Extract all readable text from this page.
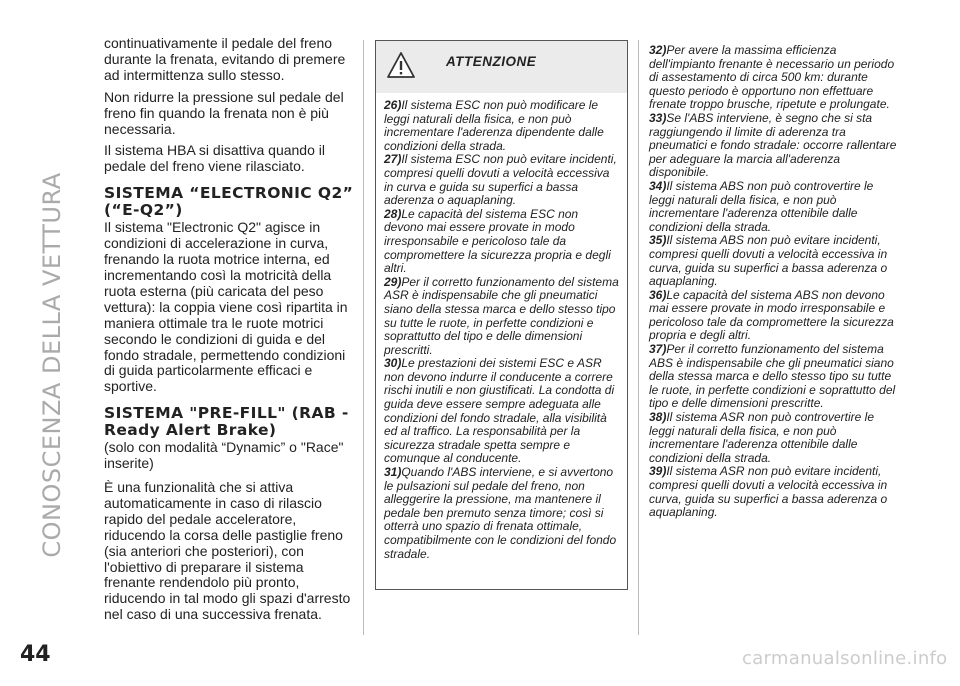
CONOSCENZA DELLA VETTURA
44

continuativamente il pedale del freno durante la frenata, evitando di premere ad intermittenza sullo stesso.

Non ridurre la pressione sul pedale del freno fin quando la frenata non è più necessaria.

Il sistema HBA si disattiva quando il pedale del freno viene rilasciato.

SISTEMA “ELECTRONIC Q2” (“E-Q2”)

Il sistema "Electronic Q2" agisce in condizioni di accelerazione in curva, frenando la ruota motrice interna, ed incrementando così la motricità della ruota esterna (più caricata del peso vettura): la coppia viene così ripartita in maniera ottimale tra le ruote motrici secondo le condizioni di guida e del fondo stradale, permettendo condizioni di guida particolarmente efficaci e sportive.

SISTEMA "PRE-FILL" (RAB - Ready Alert Brake)

(solo con modalità “Dynamic” o "Race" inserite)

È una funzionalità che si attiva automaticamente in caso di rilascio rapido del pedale acceleratore, riducendo la corsa delle pastiglie freno (sia anteriori che posteriori), con l'obiettivo di preparare il sistema frenante rendendolo più pronto, riducendo in tal modo gli spazi d'arresto nel caso di una successiva frenata.

ATTENZIONE

26)Il sistema ESC non può modificare le leggi naturali della fisica, e non può incrementare l'aderenza dipendente dalle condizioni della strada.

27)Il sistema ESC non può evitare incidenti, compresi quelli dovuti a velocità eccessiva in curva e guida su superfici a bassa aderenza o aquaplaning.

28)Le capacità del sistema ESC non devono mai essere provate in modo irresponsabile e pericoloso tale da compromettere la sicurezza propria e degli altri.

29)Per il corretto funzionamento del sistema ASR è indispensabile che gli pneumatici siano della stessa marca e dello stesso tipo su tutte le ruote, in perfette condizioni e soprattutto del tipo e delle dimensioni prescritti.

30)Le prestazioni dei sistemi ESC e ASR non devono indurre il conducente a correre rischi inutili e non giustificati. La condotta di guida deve essere sempre adeguata alle condizioni del fondo stradale, alla visibilità ed al traffico. La responsabilità per la sicurezza stradale spetta sempre e comunque al conducente.

31)Quando l'ABS interviene, e si avvertono le pulsazioni sul pedale del freno, non alleggerire la pressione, ma mantenere il pedale ben premuto senza timore; così si otterrà uno spazio di frenata ottimale, compatibilmente con le condizioni del fondo stradale.

32)Per avere la massima efficienza dell'impianto frenante è necessario un periodo di assestamento di circa 500 km: durante questo periodo è opportuno non effettuare frenate troppo brusche, ripetute e prolungate.

33)Se l'ABS interviene, è segno che si sta raggiungendo il limite di aderenza tra pneumatici e fondo stradale: occorre rallentare per adeguare la marcia all'aderenza disponibile.

34)Il sistema ABS non può controvertire le leggi naturali della fisica, e non può incrementare l'aderenza ottenibile dalle condizioni della strada.

35)Il sistema ABS non può evitare incidenti, compresi quelli dovuti a velocità eccessiva in curva, guida su superfici a bassa aderenza o aquaplaning.

36)Le capacità del sistema ABS non devono mai essere provate in modo irresponsabile e pericoloso tale da compromettere la sicurezza propria e degli altri.

37)Per il corretto funzionamento del sistema ABS è indispensabile che gli pneumatici siano della stessa marca e dello stesso tipo su tutte le ruote, in perfette condizioni e soprattutto del tipo e delle dimensioni prescritte.

38)Il sistema ASR non può controvertire le leggi naturali della fisica, e non può incrementare l'aderenza ottenibile dalle condizioni della strada.

39)Il sistema ASR non può evitare incidenti, compresi quelli dovuti a velocità eccessiva in curva, guida su superfici a bassa aderenza o aquaplaning.

carmanualsonline.info
